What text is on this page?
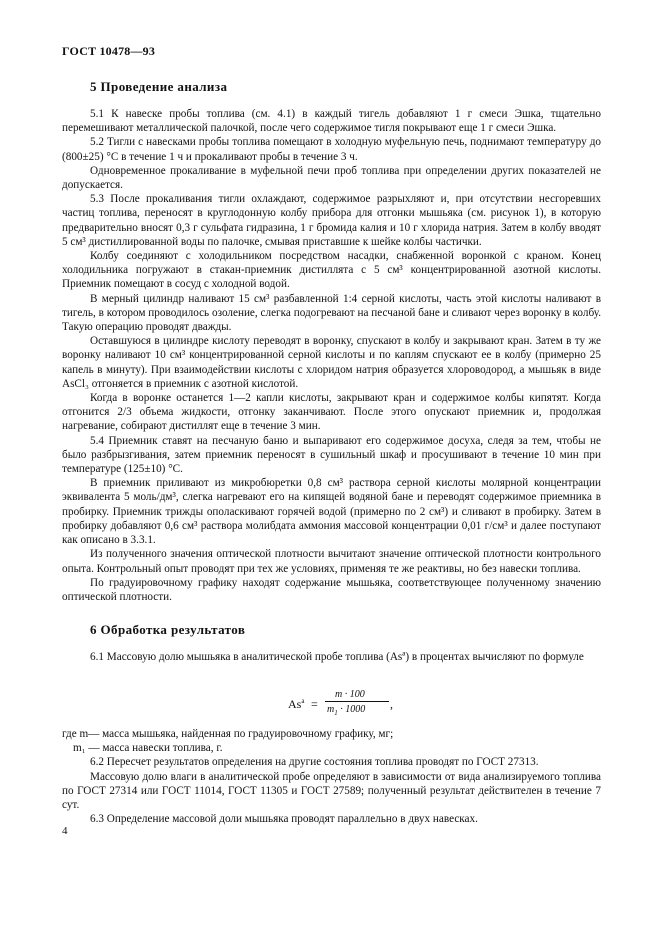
ГОСТ 10478—93
5 Проведение анализа

5.1 К навеске пробы топлива (см. 4.1) в каждый тигель добавляют 1 г смеси Эшка, тщательно перемешивают металлической палочкой, после чего содержимое тигля покрывают еще 1 г смеси Эшка.

5.2 Тигли с навесками пробы топлива помещают в холодную муфельную печь, поднимают температуру до (800±25) °С в течение 1 ч и прокаливают пробы в течение 3 ч.

Одновременное прокаливание в муфельной печи проб топлива при определении других показателей не допускается.

5.3 После прокаливания тигли охлаждают, содержимое разрыхляют и, при отсутствии несгоревших частиц топлива, переносят в круглодонную колбу прибора для отгонки мышьяка (см. рисунок 1), в которую предварительно вносят 0,3 г сульфата гидразина, 1 г бромида калия и 10 г хлорида натрия. Затем в колбу вводят 5 см³ дистиллированной воды по палочке, смывая приставшие к шейке колбы частички.

Колбу соединяют с холодильником посредством насадки, снабженной воронкой с краном. Конец холодильника погружают в стакан-приемник дистиллята с 5 см³ концентрированной азотной кислоты. Приемник помещают в сосуд с холодной водой.

В мерный цилиндр наливают 15 см³ разбавленной 1:4 серной кислоты, часть этой кислоты наливают в тигель, в котором проводилось озоление, слегка подогревают на песчаной бане и сливают через воронку в колбу. Такую операцию проводят дважды.

Оставшуюся в цилиндре кислоту переводят в воронку, спускают в колбу и закрывают кран. Затем в ту же воронку наливают 10 см³ концентрированной серной кислоты и по каплям спускают ее в колбу (примерно 25 капель в минуту). При взаимодействии кислоты с хлоридом натрия образуется хлороводород, а мышьяк в виде AsCl₃ отгоняется в приемник с азотной кислотой.

Когда в воронке останется 1—2 капли кислоты, закрывают кран и содержимое колбы кипятят. Когда отгонится 2/3 объема жидкости, отгонку заканчивают. После этого опускают приемник и, продолжая нагревание, собирают дистиллят еще в течение 3 мин.

5.4 Приемник ставят на песчаную баню и выпаривают его содержимое досуха, следя за тем, чтобы не было разбрызгивания, затем приемник переносят в сушильный шкаф и просушивают в течение 10 мин при температуре (125±10) °С.

В приемник приливают из микробюретки 0,8 см³ раствора серной кислоты молярной концентрации эквивалента 5 моль/дм³, слегка нагревают его на кипящей водяной бане и переводят содержимое приемника в пробирку. Приемник трижды ополаскивают горячей водой (примерно по 2 см³) и сливают в пробирку. Затем в пробирку добавляют 0,6 см³ раствора молибдата аммония массовой концентрации 0,01 г/см³ и далее поступают как описано в 3.3.1.

Из полученного значения оптической плотности вычитают значение оптической плотности контрольного опыта. Контрольный опыт проводят при тех же условиях, применяя те же реактивы, но без навески топлива.

По градуировочному графику находят содержание мышьяка, соответствующее полученному значению оптической плотности.

6 Обработка результатов

6.1 Массовую долю мышьяка в аналитической пробе топлива (Asª) в процентах вычисляют по формуле

$As^a$ =
m · 100
$m_1 \cdot 1000$ ,

где m— масса мышьяка, найденная по градуировочному графику, мг;

m₁ — масса навески топлива, г.

6.2 Пересчет результатов определения на другие состояния топлива проводят по ГОСТ 27313.

Массовую долю влаги в аналитической пробе определяют в зависимости от вида анализируемого топлива по ГОСТ 27314 или ГОСТ 11014, ГОСТ 11305 и ГОСТ 27589; полученный результат действителен в течение 7 сут.

6.3 Определение массовой доли мышьяка проводят параллельно в двух навесках.

4
